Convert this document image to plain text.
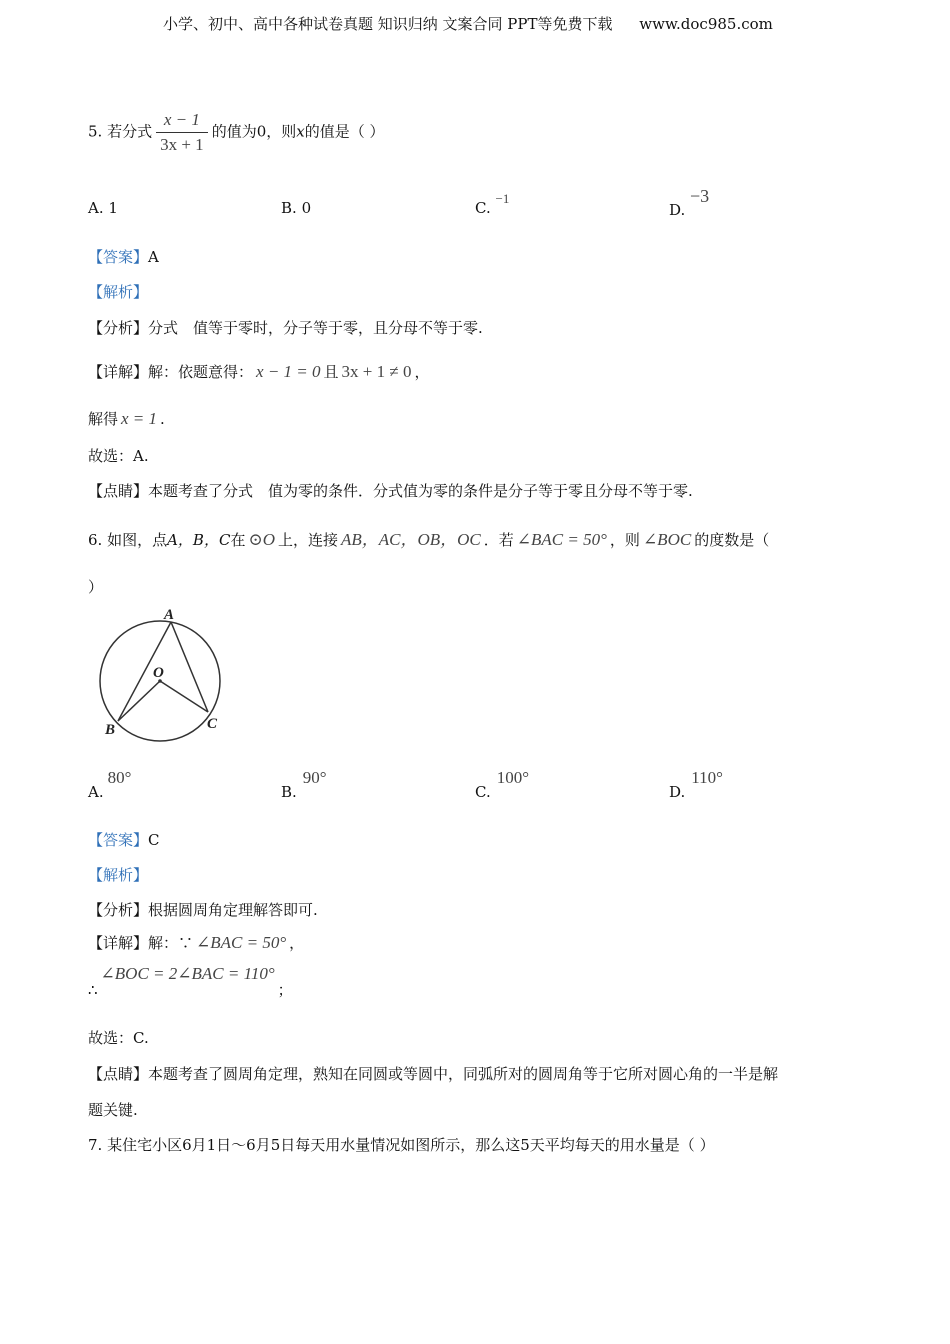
小学、初中、高中各种试卷真题 知识归纳 文案合同 PPT等免费下载 www.doc985.com
5. 若分式 $\frac{x - 1}{3x + 1}$ 的值为0，则x的值是（ ）
A. 1	B. 0	C. −1
D. −3
【答案】A
【解析】
【分析】分式　值等于零时，分子等于零，且分母不等于零.
【详解】解：依题意得： x − 1 = 0 且 3x + 1 ≠ 0 ，
解得 x = 1 .
故选：A.
【点睛】本题考查了分式　值为零的条件．分式值为零的条件是分子等于零且分母不等于零.
6. 如图，点A，B，C在 ⊙O 上，连接 AB，AC，OB，OC ．若 ∠BAC = 50° ，则 ∠BOC 的度数是（
）
A
O
B	C
A.80°
B.90°
C.100°
D.110°
【答案】C
【解析】
【分析】根据圆周角定理解答即可.
【详解】解：∵ ∠BAC = 50° ，
∴∠BOC = 2∠BAC = 110°；
故选：C.
【点睛】本题考查了圆周角定理，熟知在同圆或等圆中，同弧所对的圆周角等于它所对圆心角的一半是解
题关键.
7. 某住宅小区6月1日～6月5日每天用水量情况如图所示，那么这5天平均每天的用水量是（ ）
